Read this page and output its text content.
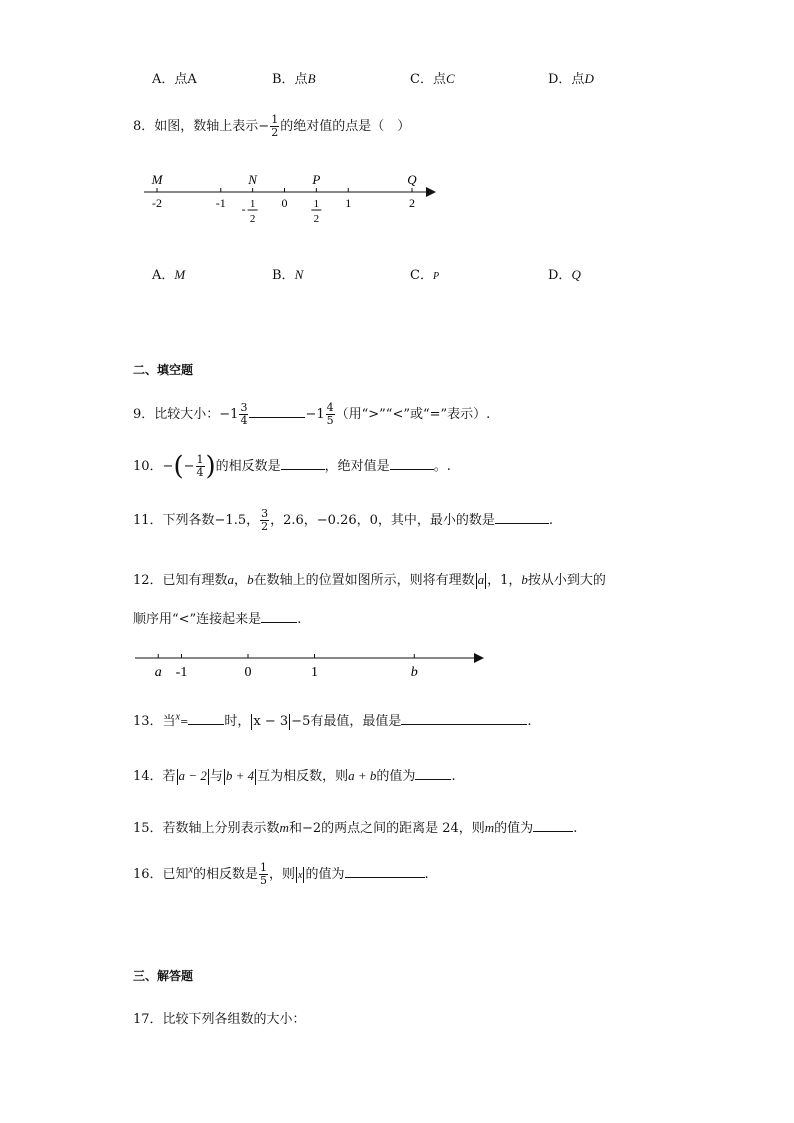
A．点A	B．点B	C．点C	D．点D
8．如图，数轴上表示− $\frac{1}{2}$ 的绝对值的点是（　）
-2	-1	0	1	2
- 1
2
1
2
M	N	P	Q
A．M	B．N	C．P	D．Q
二、填空题
9．比较大小：$-1 \frac{3}{4}$	$-1 \frac{4}{5}$ （用“>”“<”或“=”表示）.
10．−(− $\frac{1}{4}$ )的相反数是	，绝对值是	。.
11．下列各数−1.5， $\frac{3}{2}$ ，2.6，−0.26，0，其中，最小的数是	.
12．已知有理数a，b在数轴上的位置如图所示，则将有理数 a ，1，b按从小到大的
顺序用“<”连接起来是	.
a -1	0	1	b
13．当$^x$=	时， x − 3 −5有最值，最值是	.
14．若 a − 2 与 b + 4 互为相反数，则a + b的值为	.
15．若数轴上分别表示数m和−2的两点之间的距离是 24，则m的值为	.
16．已知$^x$的相反数是 $\frac{1}{5}$ ，则 x 的值为	.
三、解答题
17．比较下列各组数的大小：
